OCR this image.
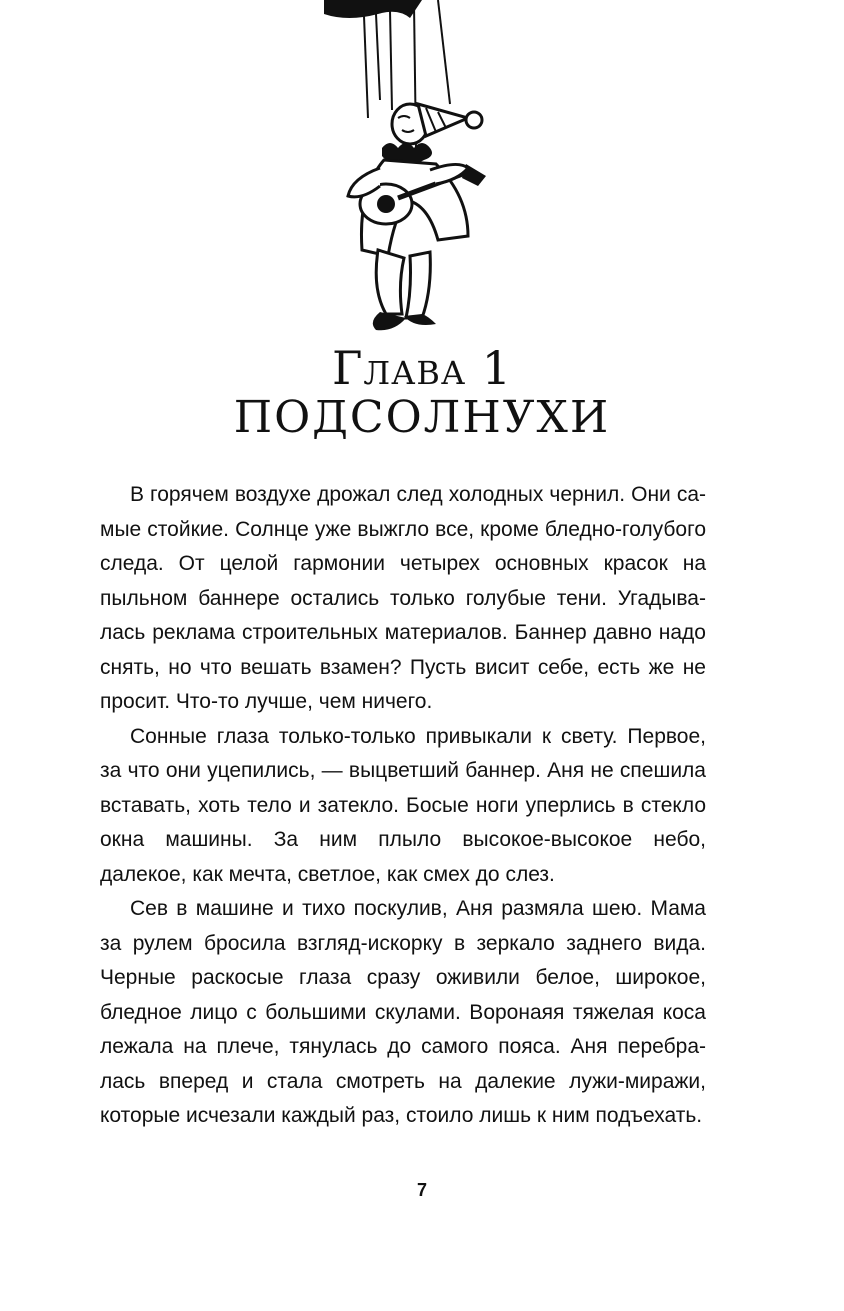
Глава 1
ПОДСОЛНУХИ

В горячем воздухе дрожал след холодных чернил. Они самые стойкие. Солнце уже выжгло все, кроме бледно-голубого следа. От целой гармонии четырех основных красок на пыльном баннере остались только голубые тени. Угадывалась реклама строительных материалов. Баннер давно надо снять, но что вешать взамен? Пусть висит себе, есть же не просит. Что-то лучше, чем ничего.

Сонные глаза только-только привыкали к свету. Первое, за что они уцепились, — выцветший баннер. Аня не спешила вставать, хоть тело и затекло. Босые ноги уперлись в стекло окна машины. За ним плыло высокое-высокое небо, далекое, как мечта, светлое, как смех до слез.

Сев в машине и тихо поскулив, Аня размяла шею. Мама за рулем бросила взгляд-искорку в зеркало заднего вида. Черные раскосые глаза сразу оживили белое, широкое, бледное лицо с большими скулами. Воронаяя тяжелая коса лежала на плече, тянулась до самого пояса. Аня перебралась вперед и стала смотреть на далекие лужи-миражи, которые исчезали каждый раз, стоило лишь к ним подъехать.

7
